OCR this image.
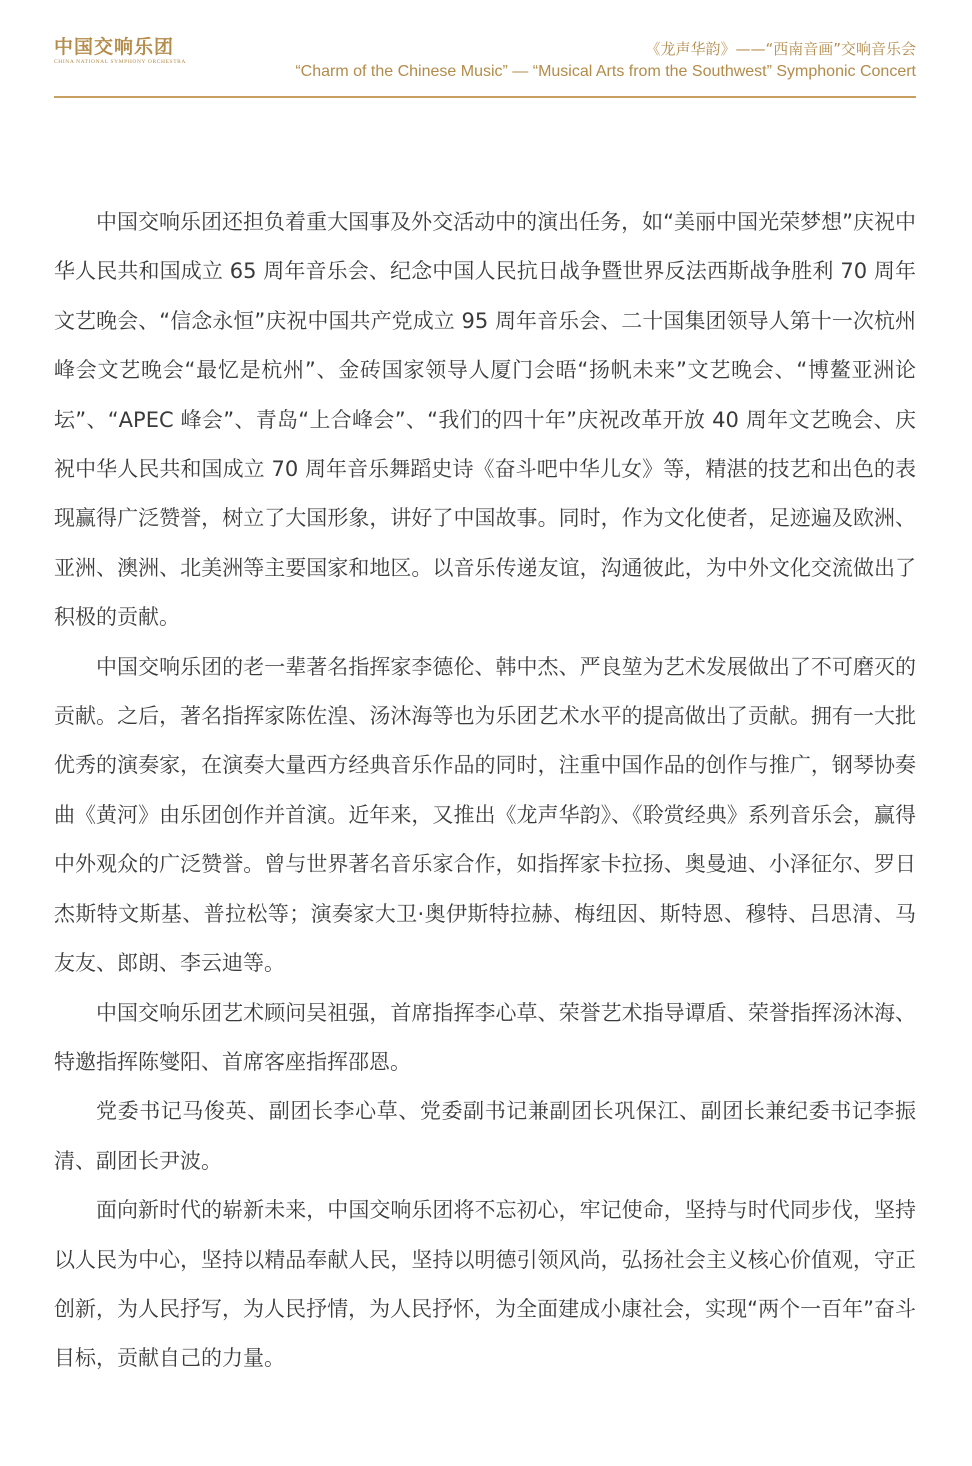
中国交响乐团
CHINA NATIONAL SYMPHONY ORCHESTRA
《龙声华韵》——“西南音画”交响音乐会
“Charm of the Chinese Music” — “Musical Arts from the Southwest” Symphonic Concert

中国交响乐团还担负着重大国事及外交活动中的演出任务，如“美丽中国光荣梦想”庆祝中华人民共和国成立 65 周年音乐会、纪念中国人民抗日战争暨世界反法西斯战争胜利 70 周年文艺晚会、“信念永恒”庆祝中国共产党成立 95 周年音乐会、二十国集团领导人第十一次杭州峰会文艺晚会“最忆是杭州”、金砖国家领导人厦门会晤“扬帆未来”文艺晚会、“博鳌亚洲论坛”、“APEC 峰会”、青岛“上合峰会”、“我们的四十年”庆祝改革开放 40 周年文艺晚会、庆祝中华人民共和国成立 70 周年音乐舞蹈史诗《奋斗吧中华儿女》等，精湛的技艺和出色的表现赢得广泛赞誉，树立了大国形象，讲好了中国故事。同时，作为文化使者，足迹遍及欧洲、亚洲、澳洲、北美洲等主要国家和地区。以音乐传递友谊，沟通彼此，为中外文化交流做出了积极的贡献。

中国交响乐团的老一辈著名指挥家李德伦、韩中杰、严良堃为艺术发展做出了不可磨灭的贡献。之后，著名指挥家陈佐湟、汤沐海等也为乐团艺术水平的提高做出了贡献。拥有一大批优秀的演奏家，在演奏大量西方经典音乐作品的同时，注重中国作品的创作与推广，钢琴协奏曲《黄河》由乐团创作并首演。近年来，又推出《龙声华韵》、《聆赏经典》系列音乐会，赢得中外观众的广泛赞誉。曾与世界著名音乐家合作，如指挥家卡拉扬、奥曼迪、小泽征尔、罗日杰斯特文斯基、普拉松等；演奏家大卫·奥伊斯特拉赫、梅纽因、斯特恩、穆特、吕思清、马友友、郎朗、李云迪等。

中国交响乐团艺术顾问吴祖强，首席指挥李心草、荣誉艺术指导谭盾、荣誉指挥汤沐海、特邀指挥陈燮阳、首席客座指挥邵恩。

党委书记马俊英、副团长李心草、党委副书记兼副团长巩保江、副团长兼纪委书记李振清、副团长尹波。

面向新时代的崭新未来，中国交响乐团将不忘初心，牢记使命，坚持与时代同步伐，坚持以人民为中心，坚持以精品奉献人民，坚持以明德引领风尚，弘扬社会主义核心价值观，守正创新，为人民抒写，为人民抒情，为人民抒怀，为全面建成小康社会，实现“两个一百年”奋斗目标，贡献自己的力量。
